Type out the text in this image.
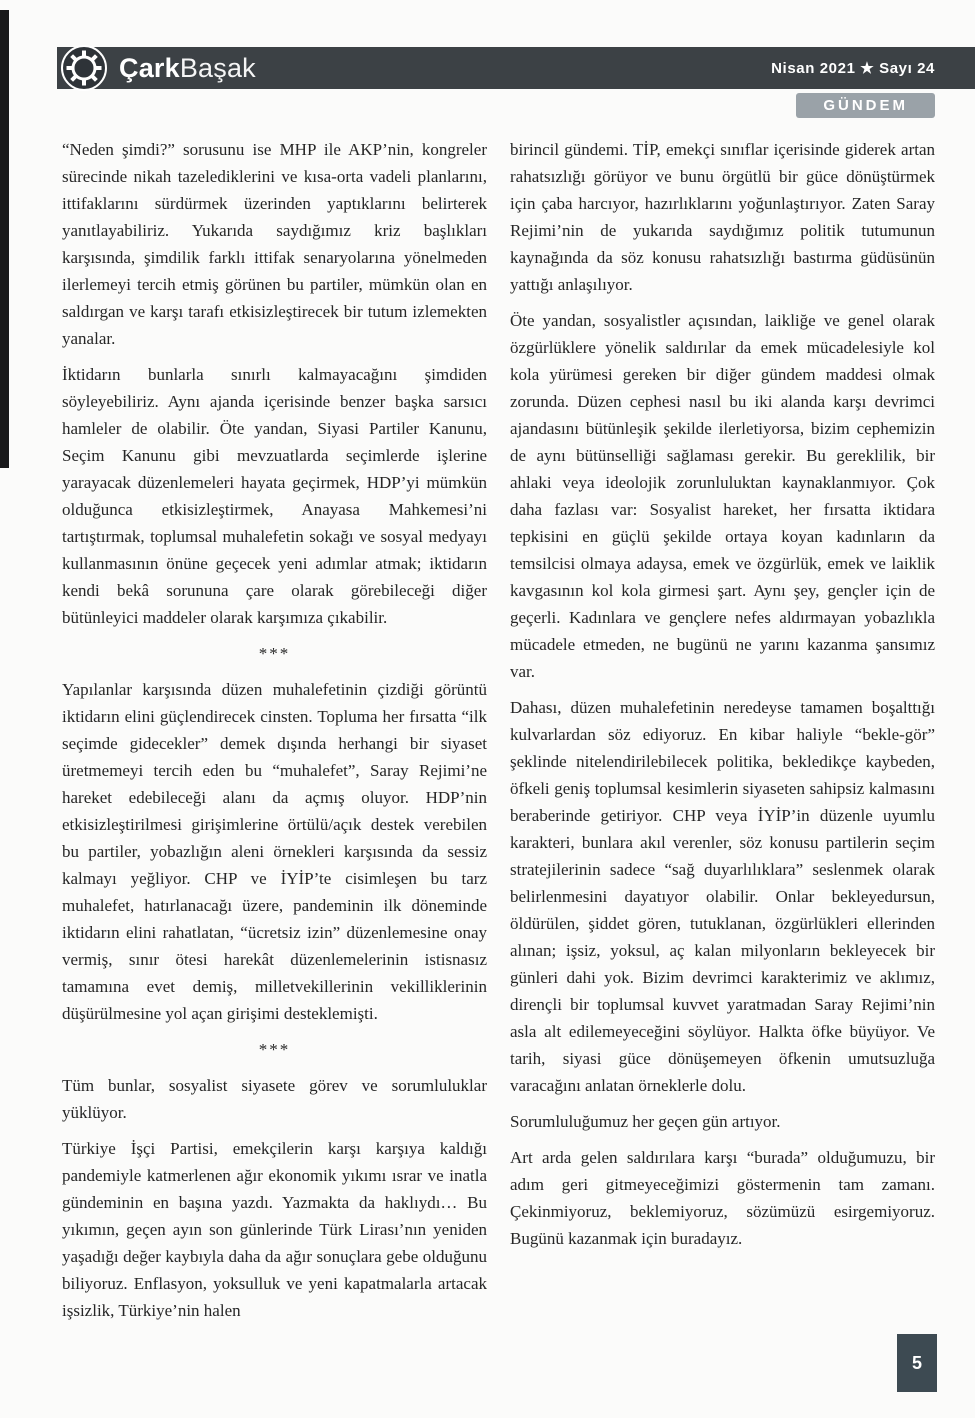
ÇarkBaşak	Nisan 2021 ★ Sayı 24
GÜNDEM

“Neden şimdi?” sorusunu ise MHP ile AKP’nin, kongreler sürecinde nikah tazelediklerini ve kısa-orta vadeli planlarını, ittifaklarını sürdürmek üzerinden yaptıklarını belirterek yanıtlayabiliriz. Yukarıda saydığımız kriz başlıkları karşısında, şimdilik farklı ittifak senaryolarına yönelmeden ilerlemeyi tercih etmiş görünen bu partiler, mümkün olan en saldırgan ve karşı tarafı etkisizleştirecek bir tutum izlemekten yanalar.

İktidarın bunlarla sınırlı kalmayacağını şimdiden söyleyebiliriz. Aynı ajanda içerisinde benzer başka sarsıcı hamleler de olabilir. Öte yandan, Siyasi Partiler Kanunu, Seçim Kanunu gibi mevzuatlarda seçimlerde işlerine yarayacak düzenlemeleri hayata geçirmek, HDP’yi mümkün olduğunca etkisizleştirmek, Anayasa Mahkemesi’ni tartıştırmak, toplumsal muhalefetin sokağı ve sosyal medyayı kullanmasının önüne geçecek yeni adımlar atmak; iktidarın kendi bekâ sorununa çare olarak görebileceği diğer bütünleyici maddeler olarak karşımıza çıkabilir.

***

Yapılanlar karşısında düzen muhalefetinin çizdiği görüntü iktidarın elini güçlendirecek cinsten. Topluma her fırsatta “ilk seçimde gidecekler” demek dışında herhangi bir siyaset üretmemeyi tercih eden bu “muhalefet”, Saray Rejimi’ne hareket edebileceği alanı da açmış oluyor. HDP’nin etkisizleştirilmesi girişimlerine örtülü/açık destek verebilen bu partiler, yobazlığın aleni örnekleri karşısında da sessiz kalmayı yeğliyor. CHP ve İYİP’te cisimleşen bu tarz muhalefet, hatırlanacağı üzere, pandeminin ilk döneminde iktidarın elini rahatlatan, “ücretsiz izin” düzenlemesine onay vermiş, sınır ötesi harekât düzenlemelerinin istisnasız tamamına evet demiş, milletvekillerinin vekilliklerinin düşürülmesine yol açan girişimi desteklemişti.

***

Tüm bunlar, sosyalist siyasete görev ve sorumluluklar yüklüyor.

Türkiye İşçi Partisi, emekçilerin karşı karşıya kaldığı pandemiyle katmerlenen ağır ekonomik yıkımı ısrar ve inatla gündeminin en başına yazdı. Yazmakta da haklıydı… Bu yıkımın, geçen ayın son günlerinde Türk Lirası’nın yeniden yaşadığı değer kaybıyla daha da ağır sonuçlara gebe olduğunu biliyoruz. Enflasyon, yoksulluk ve yeni kapatmalarla artacak işsizlik, Türkiye’nin halen

birincil gündemi. TİP, emekçi sınıflar içerisinde giderek artan rahatsızlığı görüyor ve bunu örgütlü bir güce dönüştürmek için çaba harcıyor, hazırlıklarını yoğunlaştırıyor. Zaten Saray Rejimi’nin de yukarıda saydığımız politik tutumunun kaynağında da söz konusu rahatsızlığı bastırma güdüsünün yattığı anlaşılıyor.

Öte yandan, sosyalistler açısından, laikliğe ve genel olarak özgürlüklere yönelik saldırılar da emek mücadelesiyle kol kola yürümesi gereken bir diğer gündem maddesi olmak zorunda. Düzen cephesi nasıl bu iki alanda karşı devrimci ajandasını bütünleşik şekilde ilerletiyorsa, bizim cephemizin de aynı bütünselliği sağlaması gerekir. Bu gereklilik, bir ahlaki veya ideolojik zorunluluktan kaynaklanmıyor. Çok daha fazlası var: Sosyalist hareket, her fırsatta iktidara tepkisini en güçlü şekilde ortaya koyan kadınların da temsilcisi olmaya adaysa, emek ve özgürlük, emek ve laiklik kavgasının kol kola girmesi şart. Aynı şey, gençler için de geçerli. Kadınlara ve gençlere nefes aldırmayan yobazlıkla mücadele etmeden, ne bugünü ne yarını kazanma şansımız var.

Dahası, düzen muhalefetinin neredeyse tamamen boşalttığı kulvarlardan söz ediyoruz. En kibar haliyle “bekle-gör” şeklinde nitelendirilebilecek politika, bekledikçe kaybeden, öfkeli geniş toplumsal kesimlerin siyaseten sahipsiz kalmasını beraberinde getiriyor. CHP veya İYİP’in düzenle uyumlu karakteri, bunlara akıl verenler, söz konusu partilerin seçim stratejilerinin sadece “sağ duyarlılıklara” seslenmek olarak belirlenmesini dayatıyor olabilir. Onlar bekleyedursun, öldürülen, şiddet gören, tutuklanan, özgürlükleri ellerinden alınan; işsiz, yoksul, aç kalan milyonların bekleyecek bir günleri dahi yok. Bizim devrimci karakterimiz ve aklımız, dirençli bir toplumsal kuvvet yaratmadan Saray Rejimi’nin asla alt edilemeyeceğini söylüyor. Halkta öfke büyüyor. Ve tarih, siyasi güce dönüşemeyen öfkenin umutsuzluğa varacağını anlatan örneklerle dolu.

Sorumluluğumuz her geçen gün artıyor.

Art arda gelen saldırılara karşı “burada” olduğumuzu, bir adım geri gitmeyeceğimizi göstermenin tam zamanı. Çekinmiyoruz, beklemiyoruz, sözümüzü esirgemiyoruz. Bugünü kazanmak için buradayız.

5
